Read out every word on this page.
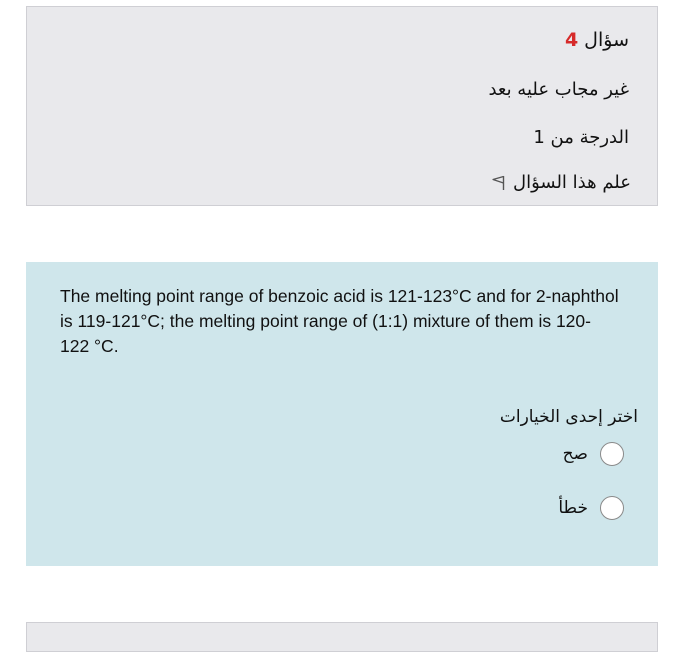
سؤال4
غير مجاب عليه بعد
الدرجة من 1
علم هذا السؤال

The melting point range of benzoic acid is 121-123°C and for 2-naphthol is 119-121°C; the melting point range of (1:1) mixture of them is 120-122 °C.

اختر إحدى الخيارات
صح
خطأ
